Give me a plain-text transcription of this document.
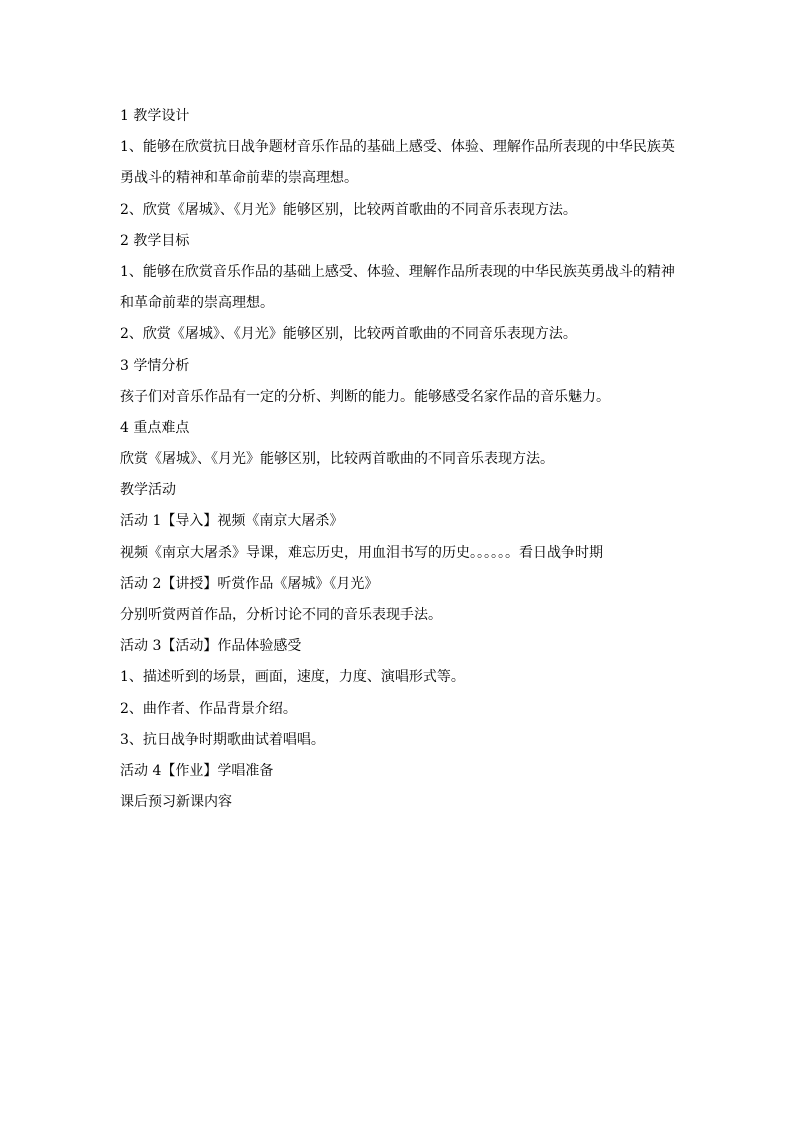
1 教学设计
1、能够在欣赏抗日战争题材音乐作品的基础上感受、体验、理解作品所表现的中华民族英
勇战斗的精神和革命前辈的崇高理想。
2、欣赏《屠城》、《月光》能够区别，比较两首歌曲的不同音乐表现方法。
2 教学目标
1、能够在欣赏音乐作品的基础上感受、体验、理解作品所表现的中华民族英勇战斗的精神
和革命前辈的崇高理想。
2、欣赏《屠城》、《月光》能够区别，比较两首歌曲的不同音乐表现方法。
3 学情分析
孩子们对音乐作品有一定的分析、判断的能力。能够感受名家作品的音乐魅力。
4 重点难点
欣赏《屠城》、《月光》能够区别，比较两首歌曲的不同音乐表现方法。
教学活动
活动 1【导入】视频《南京大屠杀》
视频《南京大屠杀》导课，难忘历史，用血泪书写的历史。。。。。。看日战争时期
活动 2【讲授】听赏作品《屠城》《月光》
分别听赏两首作品，分析讨论不同的音乐表现手法。
活动 3【活动】作品体验感受
1、描述听到的场景，画面，速度，力度、演唱形式等。
2、曲作者、作品背景介绍。
3、抗日战争时期歌曲试着唱唱。
活动 4【作业】学唱准备
课后预习新课内容
